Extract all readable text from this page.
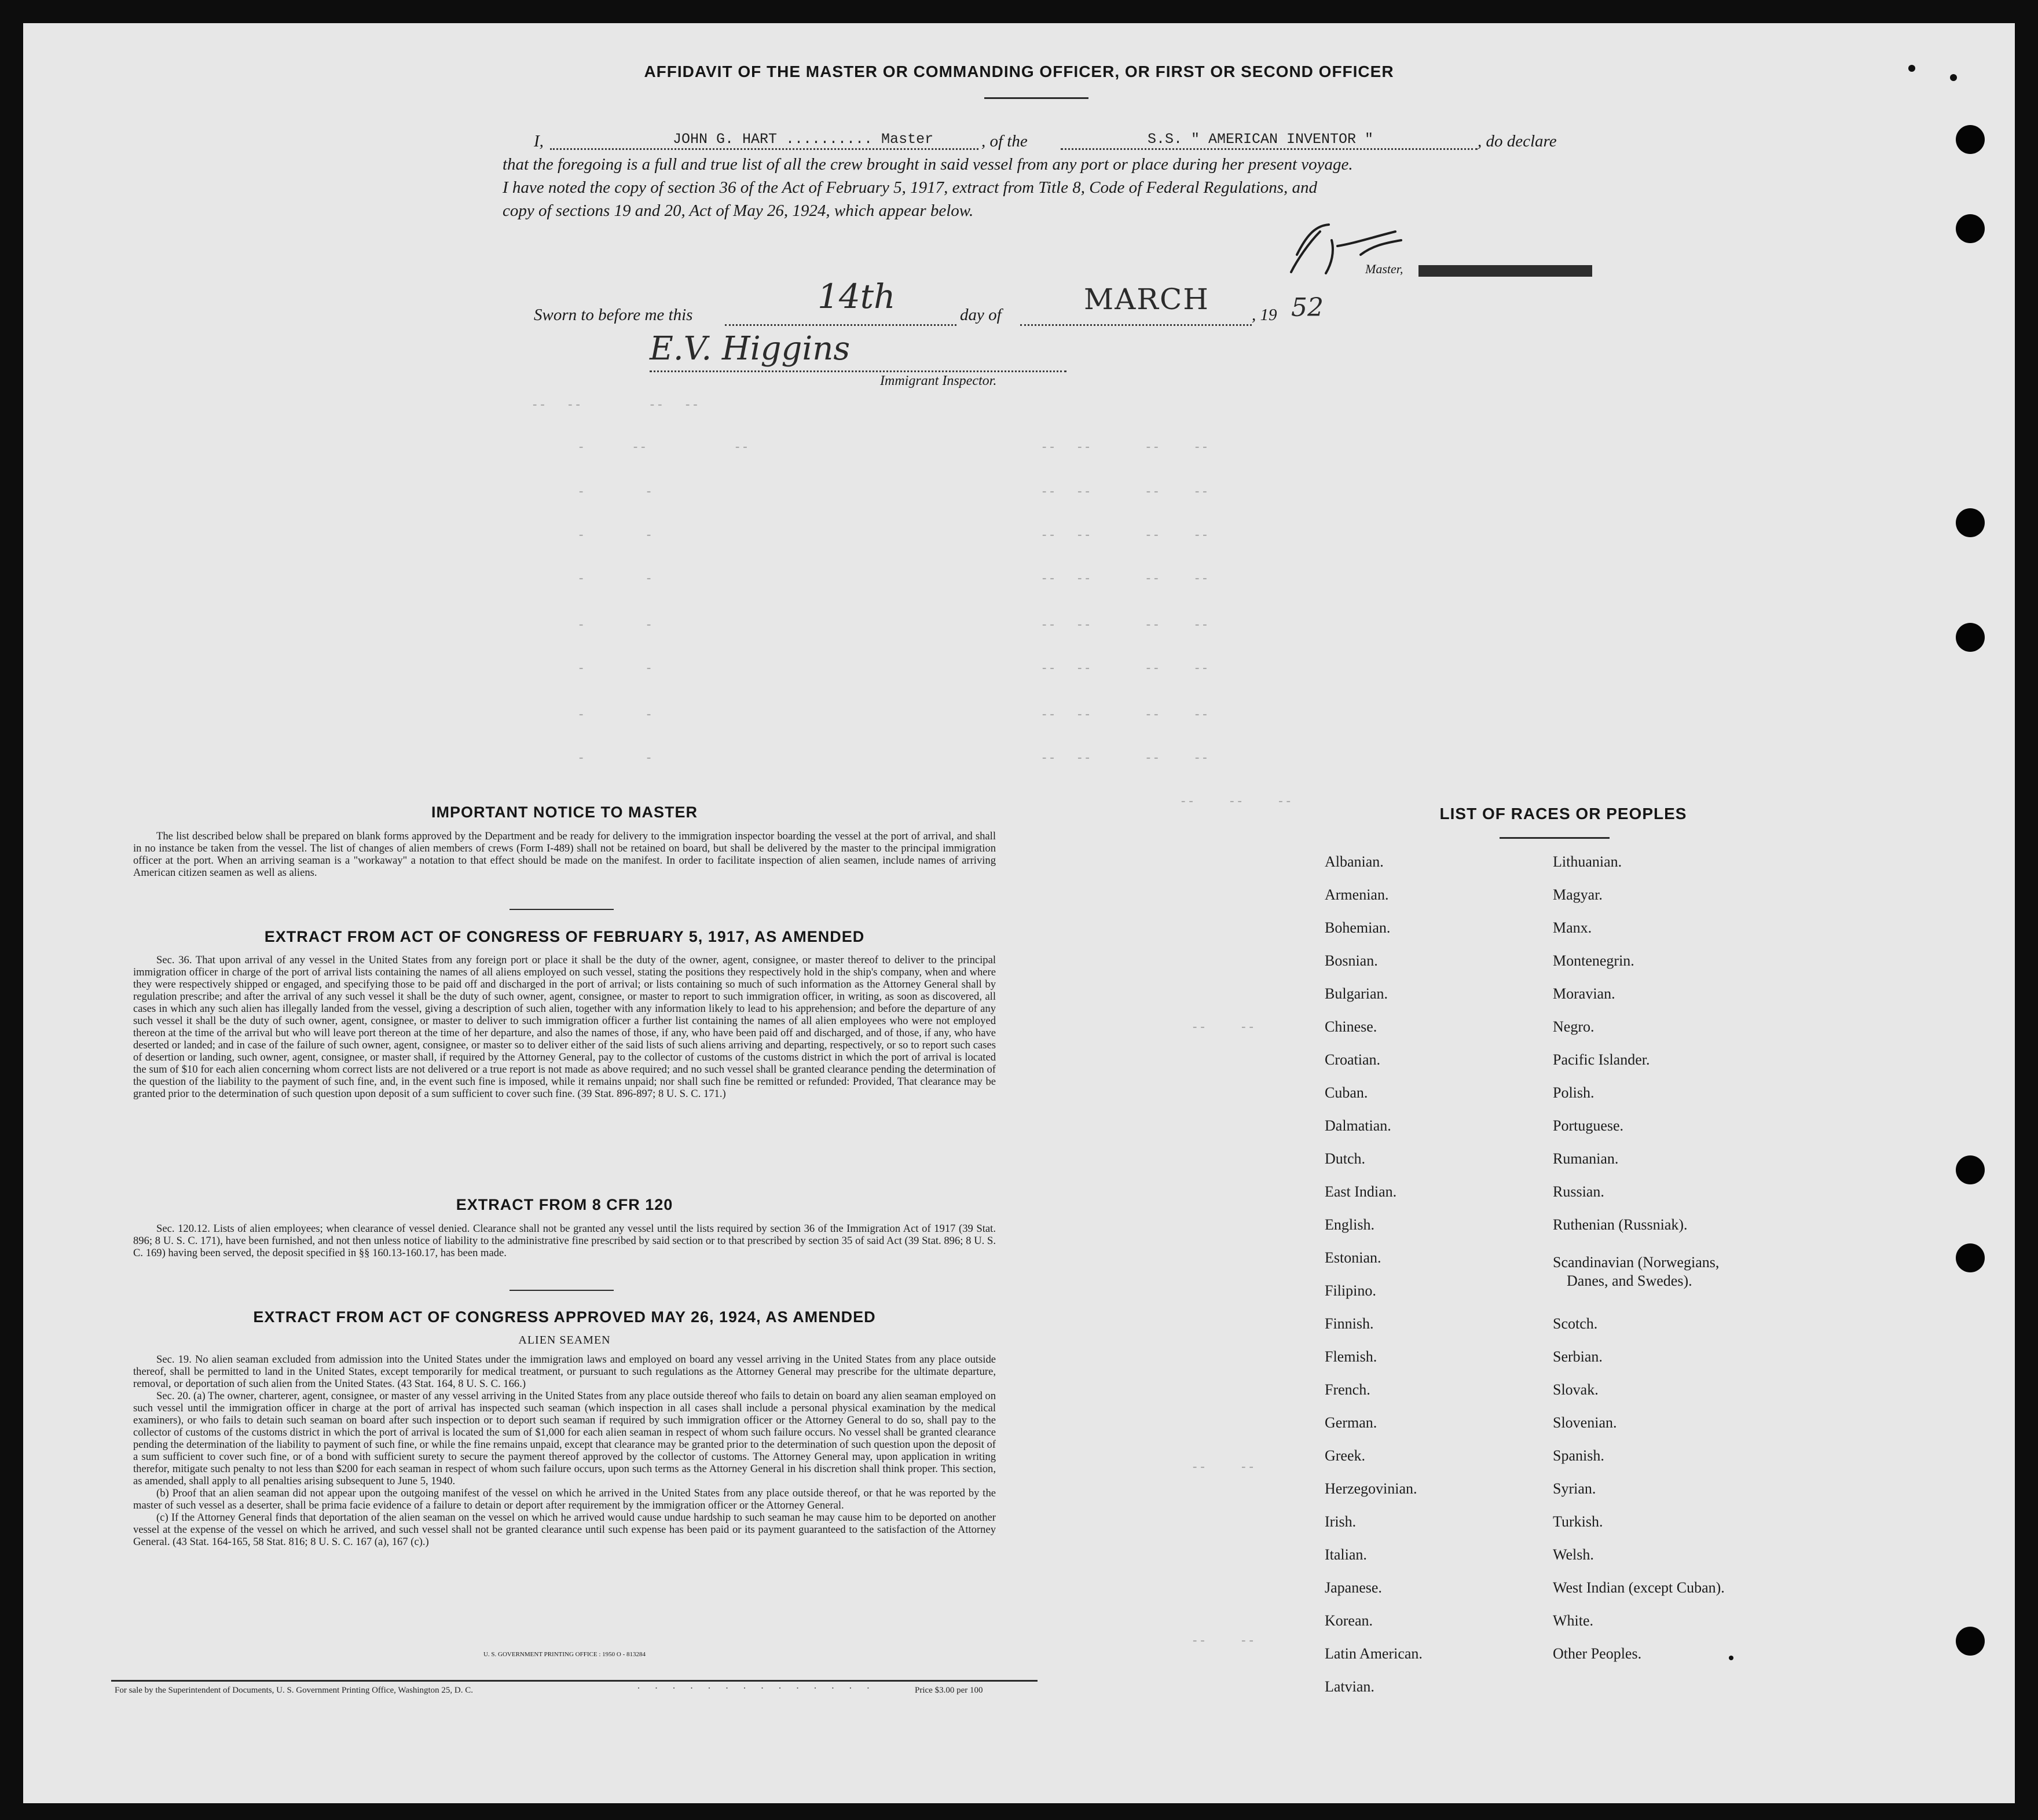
--   --          --   --
-       --             --	--   --        --     --
-         -	--   --        --     --
-         -	--   --        --     --
-         -	--   --        --     --
-         -	--   --        --     --
-         -	--   --        --     --
-         -	--   --        --     --
-         -	--   --        --     --
--     --     --
--     --
--     --
--     --
AFFIDAVIT OF THE MASTER OR COMMANDING OFFICER, OR FIRST OR SECOND OFFICER
I,	JOHN G. HART .......... Master	, of the	S.S. " AMERICAN INVENTOR "	, do declare
that the foregoing is a full and true list of all the crew brought in said vessel from any port or place during her present voyage.
I have noted the copy of section 36 of the Act of February 5, 1917, extract from Title 8, Code of Federal Regulations, and
copy of sections 19 and 20, Act of May 26, 1924, which appear below.
Master,
Sworn to before me this	14th	day of	MARCH	, 19 52
E.V. Higgins
Immigrant Inspector.
IMPORTANT NOTICE TO MASTER

The list described below shall be prepared on blank forms approved by the Department and be ready for delivery to the immigration inspector boarding the vessel at the port of arrival, and shall in no instance be taken from the vessel. The list of changes of alien members of crews (Form I-489) shall not be retained on board, but shall be delivered by the master to the principal immigration officer at the port. When an arriving seaman is a "workaway" a notation to that effect should be made on the manifest. In order to facilitate inspection of alien seamen, include names of arriving American citizen seamen as well as aliens.

EXTRACT FROM ACT OF CONGRESS OF FEBRUARY 5, 1917, AS AMENDED

Sec. 36. That upon arrival of any vessel in the United States from any foreign port or place it shall be the duty of the owner, agent, consignee, or master thereof to deliver to the principal immigration officer in charge of the port of arrival lists containing the names of all aliens employed on such vessel, stating the positions they respectively hold in the ship's company, when and where they were respectively shipped or engaged, and specifying those to be paid off and discharged in the port of arrival; or lists containing so much of such information as the Attorney General shall by regulation prescribe; and after the arrival of any such vessel it shall be the duty of such owner, agent, consignee, or master to report to such immigration officer, in writing, as soon as discovered, all cases in which any such alien has illegally landed from the vessel, giving a description of such alien, together with any information likely to lead to his apprehension; and before the departure of any such vessel it shall be the duty of such owner, agent, consignee, or master to deliver to such immigration officer a further list containing the names of all alien employees who were not employed thereon at the time of the arrival but who will leave port thereon at the time of her departure, and also the names of those, if any, who have been paid off and discharged, and of those, if any, who have deserted or landed; and in case of the failure of such owner, agent, consignee, or master so to deliver either of the said lists of such aliens arriving and departing, respectively, or so to report such cases of desertion or landing, such owner, agent, consignee, or master shall, if required by the Attorney General, pay to the collector of customs of the customs district in which the port of arrival is located the sum of $10 for each alien concerning whom correct lists are not delivered or a true report is not made as above required; and no such vessel shall be granted clearance pending the determination of the question of the liability to the payment of such fine, and, in the event such fine is imposed, while it remains unpaid; nor shall such fine be remitted or refunded: Provided, That clearance may be granted prior to the determination of such question upon deposit of a sum sufficient to cover such fine. (39 Stat. 896-897; 8 U. S. C. 171.)

EXTRACT FROM 8 CFR 120

Sec. 120.12. Lists of alien employees; when clearance of vessel denied. Clearance shall not be granted any vessel until the lists required by section 36 of the Immigration Act of 1917 (39 Stat. 896; 8 U. S. C. 171), have been furnished, and not then unless notice of liability to the administrative fine prescribed by said section or to that prescribed by section 35 of said Act (39 Stat. 896; 8 U. S. C. 169) having been served, the deposit specified in §§ 160.13-160.17, has been made.

EXTRACT FROM ACT OF CONGRESS APPROVED MAY 26, 1924, AS AMENDED
ALIEN SEAMEN

Sec. 19. No alien seaman excluded from admission into the United States under the immigration laws and employed on board any vessel arriving in the United States from any place outside thereof, shall be permitted to land in the United States, except temporarily for medical treatment, or pursuant to such regulations as the Attorney General may prescribe for the ultimate departure, removal, or deportation of such alien from the United States. (43 Stat. 164, 8 U. S. C. 166.)

Sec. 20. (a) The owner, charterer, agent, consignee, or master of any vessel arriving in the United States from any place outside thereof who fails to detain on board any alien seaman employed on such vessel until the immigration officer in charge at the port of arrival has inspected such seaman (which inspection in all cases shall include a personal physical examination by the medical examiners), or who fails to detain such seaman on board after such inspection or to deport such seaman if required by such immigration officer or the Attorney General to do so, shall pay to the collector of customs of the customs district in which the port of arrival is located the sum of $1,000 for each alien seaman in respect of whom such failure occurs. No vessel shall be granted clearance pending the determination of the liability to payment of such fine, or while the fine remains unpaid, except that clearance may be granted prior to the determination of such question upon the deposit of a sum sufficient to cover such fine, or of a bond with sufficient surety to secure the payment thereof approved by the collector of customs. The Attorney General may, upon application in writing therefor, mitigate such penalty to not less than $200 for each seaman in respect of whom such failure occurs, upon such terms as the Attorney General in his discretion shall think proper. This section, as amended, shall apply to all penalties arising subsequent to June 5, 1940.

(b) Proof that an alien seaman did not appear upon the outgoing manifest of the vessel on which he arrived in the United States from any place outside thereof, or that he was reported by the master of such vessel as a deserter, shall be prima facie evidence of a failure to detain or deport after requirement by the immigration officer or the Attorney General.

(c) If the Attorney General finds that deportation of the alien seaman on the vessel on which he arrived would cause undue hardship to such seaman he may cause him to be deported on another vessel at the expense of the vessel on which he arrived, and such vessel shall not be granted clearance until such expense has been paid or its payment guaranteed to the satisfaction of the Attorney General. (43 Stat. 164-165, 58 Stat. 816; 8 U. S. C. 167 (a), 167 (c).)

U. S. GOVERNMENT PRINTING OFFICE : 1950 O - 813284
For sale by the Superintendent of Documents, U. S. Government Printing Office, Washington 25, D. C.	· · · · · · · · · · · · · ·	Price $3.00 per 100
LIST OF RACES OR PEOPLES
Albanian.
Armenian.
Bohemian.
Bosnian.
Bulgarian.
Chinese.
Croatian.
Cuban.
Dalmatian.
Dutch.
East Indian.
English.
Estonian.
Filipino.
Finnish.
Flemish.
French.
German.
Greek.
Herzegovinian.
Irish.
Italian.
Japanese.
Korean.
Latin American.
Latvian.
Lithuanian.
Magyar.
Manx.
Montenegrin.
Moravian.
Negro.
Pacific Islander.
Polish.
Portuguese.
Rumanian.
Russian.
Ruthenian (Russniak).
Scandinavian (Norwegians,
Danes, and Swedes).
Scotch.
Serbian.
Slovak.
Slovenian.
Spanish.
Syrian.
Turkish.
Welsh.
West Indian (except Cuban).
White.
Other Peoples.
